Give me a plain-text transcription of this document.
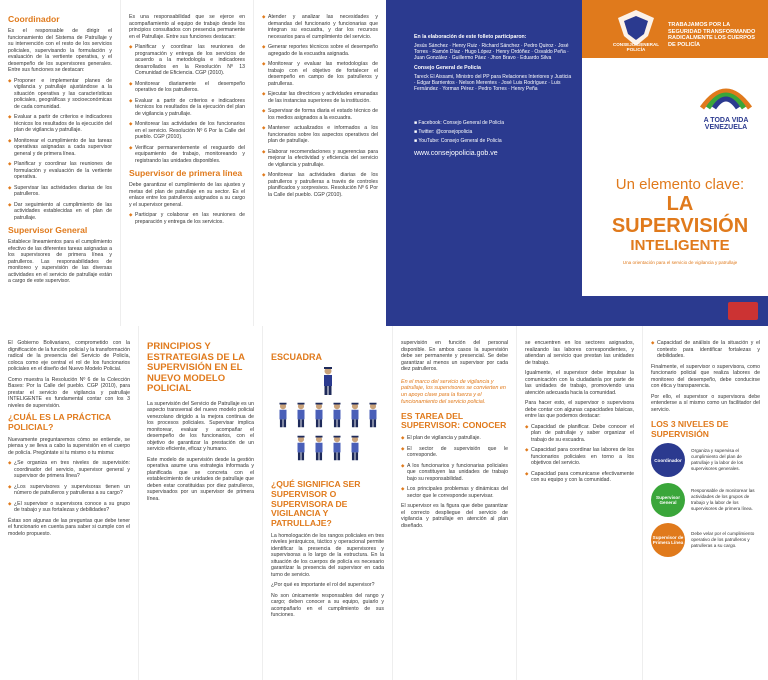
Coordinador
Es el responsable de dirigir el funcionamiento del Sistema de Patrullaje y su intervención con el resto de los servicios policiales, supervisando la formulación y evaluación de la vertiente operativa, y el desempeño de los supervisores generales. Entre sus funciones se destacan:
◆ Proponer e implementar planes de vigilancia y patrullaje ajustándose a la situación operativa y las características policiales, geográficas y socioeconómicas de cada comunidad.
◆ Evaluar a partir de criterios e indicadores técnicos los resultados de la ejecución del plan de vigilancia y patrullaje.
◆ Monitorear el cumplimiento de las tareas operativas asignadas a cada supervisor general y de primera línea.
◆ Planificar y coordinar las reuniones de formulación y evaluación de la vertiente operativa.
◆ Supervisar las actividades diarias de los patrulleros.
◆ Dar seguimiento al cumplimiento de las actividades establecidas en el plan de patrullaje.
Supervisor General
Establece lineamientos para el cumplimiento efectivo de las diferentes tareas asignadas a los supervisores de primera línea y patrulleros. Las responsabilidades de monitoreo y supervisión de las diversas actividades en el servicio de patrullaje están a cargo de este supervisor.
Es una responsabilidad que se ejerce en acompañamiento al equipo de trabajo desde los principios consultados con presencia permanente en el Patrullaje. Entre sus funciones destacan:
◆ Planificar y coordinar las reuniones de programación y entrega de los servicios de acuerdo a la metodología e indicadores desarrollados en la Resolución Nº 13 Comunidad de Eficiencia. CGP (2010).
◆ Monitorear diariamente el desempeño operativo de los patrulleros.
◆ Evaluar a partir de criterios e indicadores técnicos los resultados de la ejecución del plan de vigilancia y patrullaje.
◆ Monitorear las actividades de los funcionarios en el servicio. Resolución Nº 6 Por la Calle del pueblo. CGP (2010).
◆ Verificar permanentemente el resguardo del equipamiento de trabajo, monitoreando y registrando las unidades disponibles.
Supervisor de primera línea
Debe garantizar el cumplimiento de las ajustes y metas del plan de patrullaje en su sector. Es el enlace entre los patrulleros asignados a su cargo y el supervisor general.
◆ Participar y colaborar en las reuniones de preparación y entrega de los servicios.
◆ Atender y analizar las necesidades y demandas del funcionario y funcionarias que integran su escuadra, y dar los recursos necesarios para el cumplimiento del servicio.
◆ Generar reportes técnicos sobre el desempeño agregado de la escuadra asignada.
◆ Monitorear y evaluar las metodologías de trabajo con el objetivo de fortalecer el desempeño en campo de los patrulleros y patrulleras.
◆ Ejecutar las directrices y actividades emanadas de las instancias superiores de la institución.
◆ Supervisar de forma diaria el estado técnico de los medios asignados a la escuadra.
◆ Mantener actualizados e informados a los funcionarios sobre los aspectos operativos del plan de patrullaje.
◆ Elaborar recomendaciones y sugerencias para mejorar la efectividad y eficiencia del servicio de vigilancia y patrullaje.
◆ Monitorear las actividades diarias de los patrulleros y patrulleras a través de controles planificados y sorpresivos. Resolución Nº 6 Por la Calle del pueblo. CGP (2010).
En la elaboración de este folleto participaron:
Jesús Sánchez · Henry Ruiz · Richard Sánchez · Pedro Quiroz · José Torres · Ramón Díaz · Hugo López · Henry Ordóñez · Osvaldo Peña · Juan González · Guillermo Páez · Jhon Bravo · Eduardo Silva
Consejo General de Policía
Tareck El Aissami, Ministro del PP para Relaciones Interiores y Justicia · Edgar Barrientos · Nelson Merentes · José Luis Rodríguez · Luis Fernández · Yorman Pérez · Pedro Torres · Henry Peña
■ Facebook: Consejo General de Policía
■ Twitter: @consejopolicia
■ YouTube: Consejo General de Policía
www.consejopolicia.gob.ve
CONSEJO GENERAL POLICÍA
TRABAJAMOS POR LA SEGURIDAD TRANSFORMANDO RADICALMENTE LOS CUERPOS DE POLICÍA
A TODA VIDA VENEZUELA
Un elemento clave:
LA SUPERVISIÓN
INTELIGENTE
Una orientación para el servicio de vigilancia y patrullaje
El Gobierno Bolivariano, comprometido con la dignificación de la función policial y la transformación radical de la presencia del Servicio de Policía, coloca como eje central el rol de los funcionarios policiales en el diseño del Nuevo Modelo Policial.
Como muestra la Resolución Nº 6 de la Colección Bases: Por la Calle del pueblo. CGP (2010), para prestar el servicio de vigilancia y patrullaje INTELIGENTE es fundamental contar con los 3 niveles de supervisión.
¿CUÁL ES LA PRÁCTICA POLICIAL?
Nuevamente preguntaremos cómo se entiende, se piensa y se lleva a cabo la supervisión en el cuerpo de policía. Pregúntate si tu mismo o tu misma:
◆ ¿Se organiza en tres niveles de supervisión: coordinador del servicio, supervisor general y supervisor de primera línea?
◆ ¿Los supervisores y supervisoras tienen un número de patrulleros y patrulleras a su cargo?
◆ ¿El supervisor o supervisora conoce a su grupo de trabajo y sus fortalezas y debilidades?
Éstas son algunas de las preguntas que debe tener el funcionario en cuenta para saber si cumple con el modelo propuesto.
PRINCIPIOS Y ESTRATEGIAS DE LA SUPERVISIÓN EN EL NUEVO MODELO POLICIAL
La supervisión del Servicio de Patrullaje es un aspecto transversal del nuevo modelo policial venezolano dirigido a la mejora continua de los procesos policiales. Supervisar implica monitorear, evaluar y acompañar el desempeño de los funcionarios, con el objetivo de garantizar la prestación de un servicio eficiente, eficaz y humano.
Este modelo de supervisión desde la gestión operativa asume una estrategia informada y planificada que se concreta con el establecimiento de unidades de patrullaje que deben estar constituidas por diez patrulleros, supervisados por un supervisor de primera línea.
ESCUADRA
¿QUÉ SIGNIFICA SER SUPERVISOR O SUPERVISORA DE VIGILANCIA Y PATRULLAJE?
La homologación de los rangos policiales en tres niveles jerárquicos, táctico y operacional permite identificar la presencia de supervisores y supervisoras a lo largo de la estructura. En la situación de los cuerpos de policía es necesario garantizar la presencia del supervisor en cada turno de servicio.
¿Por qué es importante el rol del supervisor?
No son únicamente responsables del rango y cargo; deben conocer a su equipo, guiarlo y acompañarlo en el cumplimiento de sus funciones.
supervisión en función del personal disponible. En ambos casos la supervisión debe ser permanente y presencial. Se debe garantizar al menos un supervisor por cada diez patrulleros.
En el marco del servicio de vigilancia y patrullaje, los supervisores se convierten en un apoyo clave para la fuerza y el funcionamiento del servicio policial.
ES TAREA DEL SUPERVISOR: CONOCER
◆ El plan de vigilancia y patrullaje.
◆ El sector de supervisión que le corresponde.
◆ A los funcionarios y funcionarias policiales que constituyen las unidades de trabajo bajo su responsabilidad.
◆ Los principales problemas y dinámicas del sector que le corresponde supervisar.
El supervisor es la figura que debe garantizar el correcto despliegue del servicio de vigilancia y patrullaje en atención al plan diseñado.
se encuentren en los sectores asignados, realizando las labores correspondientes, y atiendan al servicio que prestan las unidades de trabajo.
Igualmente, el supervisor debe impulsar la comunicación con la ciudadanía por parte de las unidades de trabajo, promoviendo una atención adecuada hacia la comunidad.
Para hacer esto, el supervisor o supervisora debe contar con algunas capacidades básicas, entre las que podemos destacar:
◆ Capacidad de planificar. Debe conocer el plan de patrullaje y saber organizar el trabajo de su escuadra.
◆ Capacidad para coordinar las labores de los funcionarios policiales en torno a los objetivos del servicio.
◆ Capacidad para comunicarse efectivamente con su equipo y con la comunidad.
◆ Capacidad de análisis de la situación y el contexto para identificar fortalezas y debilidades.
Finalmente, el supervisor o supervisora, como funcionario policial que realiza labores de monitoreo del desempeño, debe conducirse con ética y transparencia.
Por ello, el supervisor o supervisora debe entenderse a sí mismo como un facilitador del servicio.
LOS 3 NIVELES DE SUPERVISIÓN
Coordinador
Organiza y supervisa el cumplimiento del plan de patrullaje y la labor de los supervisores generales.
Supervisor General
Responsable de monitorear las actividades de los grupos de trabajo y la labor de los supervisores de primera línea.
Supervisor de Primera Línea
Debe velar por el cumplimiento operativo de los patrulleros y patrulleras a su cargo.
